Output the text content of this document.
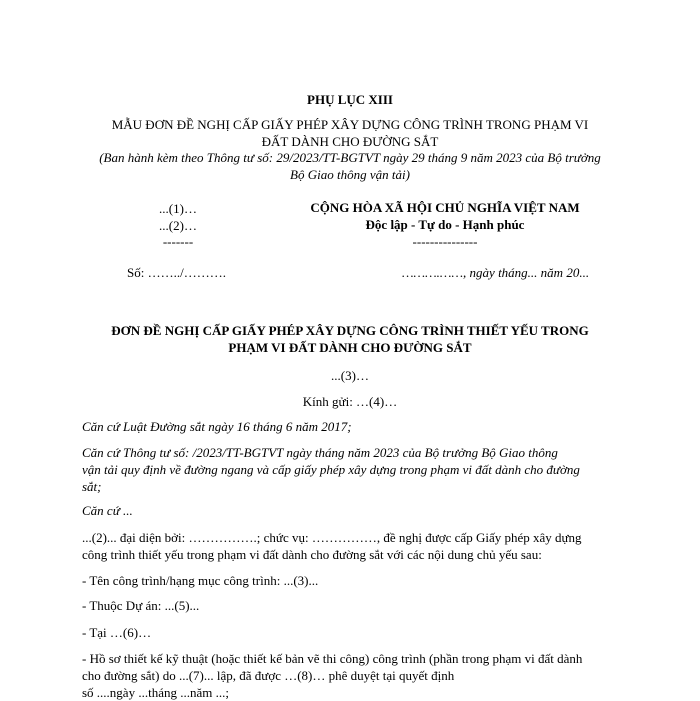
PHỤ LỤC XIII
MẪU ĐƠN ĐỀ NGHỊ CẤP GIẤY PHÉP XÂY DỰNG CÔNG TRÌNH TRONG PHẠM VI
ĐẤT DÀNH CHO ĐƯỜNG SẮT
(Ban hành kèm theo Thông tư số: 29/2023/TT-BGTVT ngày 29 tháng 9 năm 2023 của Bộ trưởng
Bộ Giao thông vận tải)
...(1)…
...(2)…
-------
CỘNG HÒA XÃ HỘI CHỦ NGHĨA VIỆT NAM
Độc lập - Tự do - Hạnh phúc
---------------
Số: ……../……….	……….……, ngày tháng... năm 20...
ĐƠN ĐỀ NGHỊ CẤP GIẤY PHÉP XÂY DỰNG CÔNG TRÌNH THIẾT YẾU TRONG
PHẠM VI ĐẤT DÀNH CHO ĐƯỜNG SẮT
...(3)…
Kính gửi: …(4)…
Căn cứ Luật Đường sắt ngày 16 tháng 6 năm 2017;
Căn cứ Thông tư số: /2023/TT-BGTVT ngày tháng năm 2023 của Bộ trưởng Bộ Giao thông
vận tải quy định về đường ngang và cấp giấy phép xây dựng trong phạm vi đất dành cho đường
sắt;
Căn cứ ...
...(2)... đại diện bởi: …………….; chức vụ: ……………, đề nghị được cấp Giấy phép xây dựng
công trình thiết yếu trong phạm vi đất dành cho đường sắt với các nội dung chủ yếu sau:
- Tên công trình/hạng mục công trình: ...(3)...
- Thuộc Dự án: ...(5)...
- Tại …(6)…
- Hồ sơ thiết kế kỹ thuật (hoặc thiết kế bản vẽ thi công) công trình (phần trong phạm vi đất dành
cho đường sắt) do ...(7)... lập, đã được …(8)… phê duyệt tại quyết định
số ....ngày ...tháng ...năm ...;
